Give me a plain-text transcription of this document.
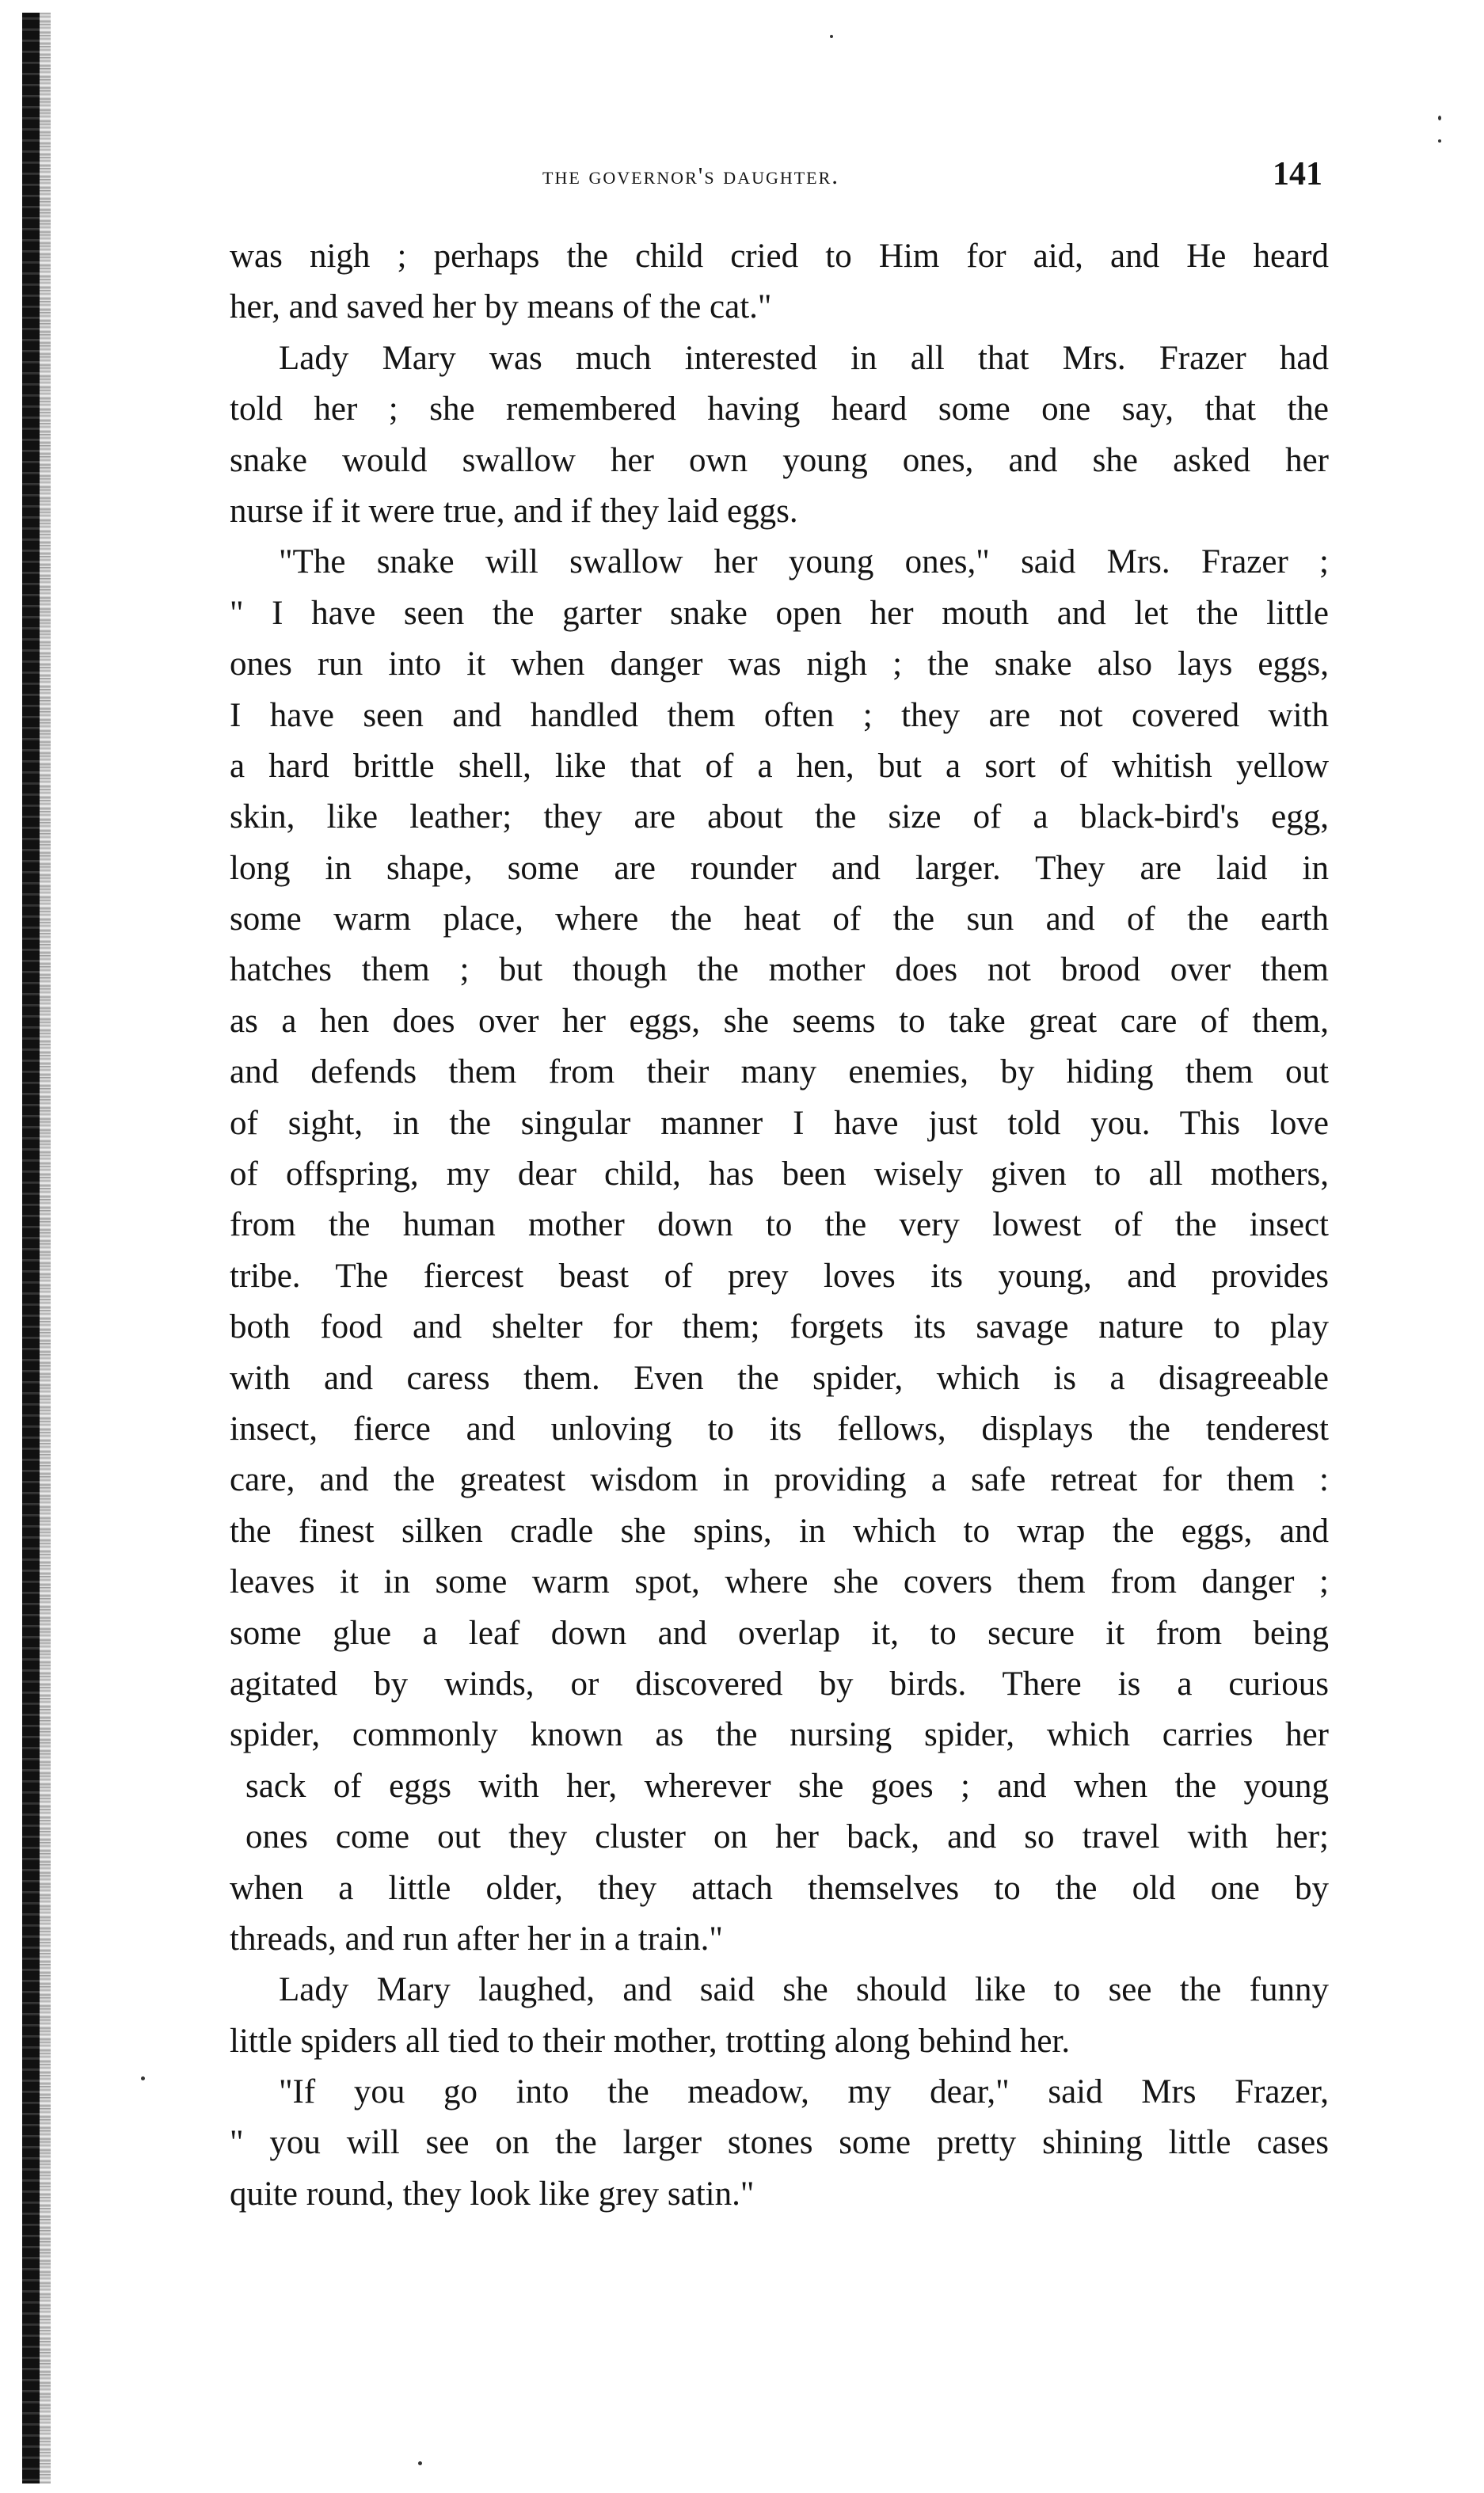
the governor's daughter.	141
was nigh ; perhaps the child cried to Him for aid, and He heard
her, and saved her by means of the cat."
Lady Mary was much interested in all that Mrs. Frazer had
told her ; she remembered having heard some one say, that the
snake would swallow her own young ones, and she asked her
nurse if it were true, and if they laid eggs.
"The snake will swallow her young ones," said Mrs. Frazer ;
" I have seen the garter snake open her mouth and let the little
ones run into it when danger was nigh ; the snake also lays eggs,
I have seen and handled them often ; they are not covered with
a hard brittle shell, like that of a hen, but a sort of whitish yellow
skin, like leather; they are about the size of a black-bird's egg,
long in shape, some are rounder and larger. They are laid in
some warm place, where the heat of the sun and of the earth
hatches them ; but though the mother does not brood over them
as a hen does over her eggs, she seems to take great care of them,
and defends them from their many enemies, by hiding them out
of sight, in the singular manner I have just told you. This love
of offspring, my dear child, has been wisely given to all mothers,
from the human mother down to the very lowest of the insect
tribe. The fiercest beast of prey loves its young, and provides
both food and shelter for them; forgets its savage nature to play
with and caress them. Even the spider, which is a disagreeable
insect, fierce and unloving to its fellows, displays the tenderest
care, and the greatest wisdom in providing a safe retreat for them :
the finest silken cradle she spins, in which to wrap the eggs, and
leaves it in some warm spot, where she covers them from danger ;
some glue a leaf down and overlap it, to secure it from being
agitated by winds, or discovered by birds. There is a curious
spider, commonly known as the nursing spider, which carries her
sack of eggs with her, wherever she goes ; and when the young
ones come out they cluster on her back, and so travel with her;
when a little older, they attach themselves to the old one by
threads, and run after her in a train."
Lady Mary laughed, and said she should like to see the funny
little spiders all tied to their mother, trotting along behind her.
"If you go into the meadow, my dear," said Mrs Frazer,
" you will see on the larger stones some pretty shining little cases
quite round, they look like grey satin."
